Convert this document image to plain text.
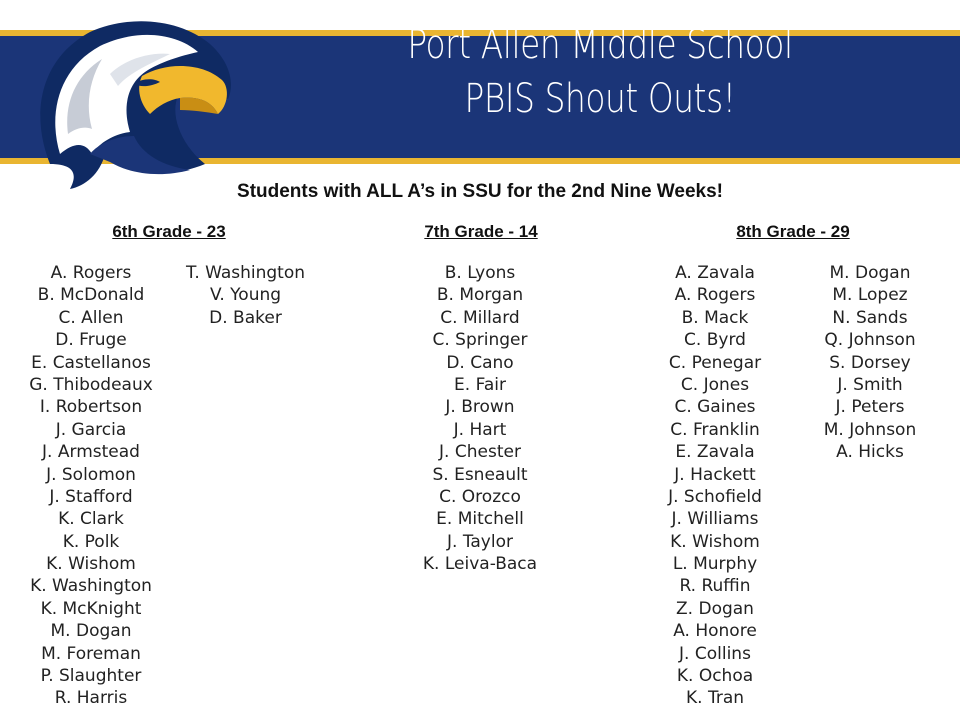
Port Allen Middle School
PBIS Shout Outs!
Students with ALL A’s in SSU for the 2nd Nine Weeks!
6th Grade - 23	7th Grade - 14	8th Grade - 29
A. Rogers
B. McDonald
C. Allen
D. Fruge
E. Castellanos
G. Thibodeaux
I. Robertson
J. Garcia
J. Armstead
J. Solomon
J. Stafford
K. Clark
K. Polk
K. Wishom
K. Washington
K. McKnight
M. Dogan
M. Foreman
P. Slaughter
R. Harris
T. Washington
V. Young
D. Baker
B. Lyons
B. Morgan
C. Millard
C. Springer
D. Cano
E. Fair
J. Brown
J. Hart
J. Chester
S. Esneault
C. Orozco
E. Mitchell
J. Taylor
K. Leiva-Baca
A. Zavala
A. Rogers
B. Mack
C. Byrd
C. Penegar
C. Jones
C. Gaines
C. Franklin
E. Zavala
J. Hackett
J. Schofield
J. Williams
K. Wishom
L. Murphy
R. Ruffin
Z. Dogan
A. Honore
J. Collins
K. Ochoa
K. Tran
M. Dogan
M. Lopez
N. Sands
Q. Johnson
S. Dorsey
J. Smith
J. Peters
M. Johnson
A. Hicks
